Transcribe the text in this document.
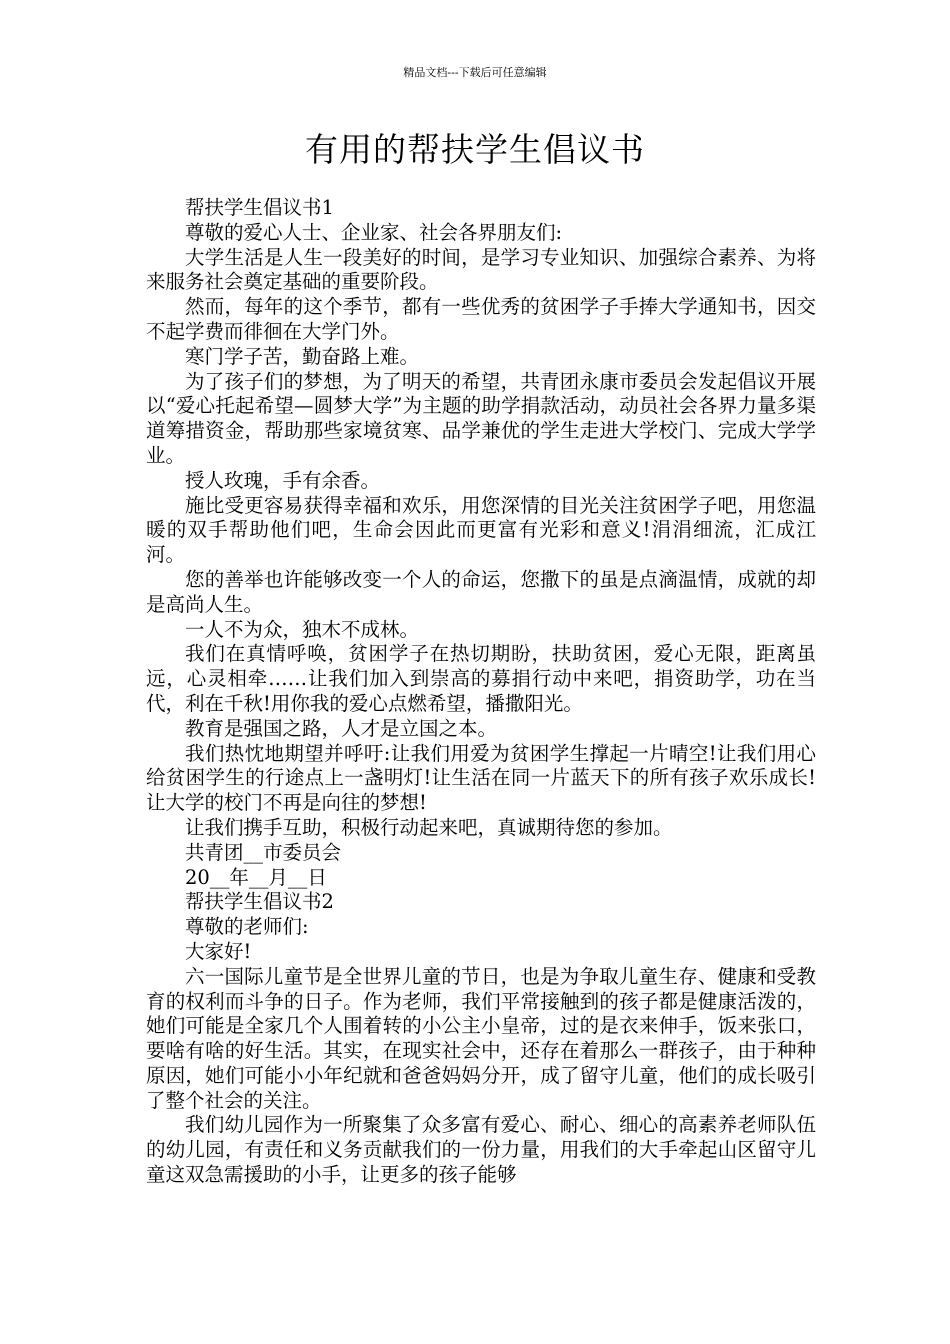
精品文档---下载后可任意编辑
有用的帮扶学生倡议书

帮扶学生倡议书1

尊敬的爱心人士、企业家、社会各界朋友们:

大学生活是人生一段美好的时间，是学习专业知识、加强综合素养、为将来服务社会奠定基础的重要阶段。

然而，每年的这个季节，都有一些优秀的贫困学子手捧大学通知书，因交不起学费而徘徊在大学门外。

寒门学子苦，勤奋路上难。

为了孩子们的梦想，为了明天的希望，共青团永康市委员会发起倡议开展以“爱心托起希望—圆梦大学”为主题的助学捐款活动，动员社会各界力量多渠道筹措资金，帮助那些家境贫寒、品学兼优的学生走进大学校门、完成大学学业。

授人玫瑰，手有余香。

施比受更容易获得幸福和欢乐，用您深情的目光关注贫困学子吧，用您温暖的双手帮助他们吧，生命会因此而更富有光彩和意义!涓涓细流，汇成江河。

您的善举也许能够改变一个人的命运，您撒下的虽是点滴温情，成就的却是高尚人生。

一人不为众，独木不成林。

我们在真情呼唤，贫困学子在热切期盼，扶助贫困，爱心无限，距离虽远，心灵相牵……让我们加入到崇高的募捐行动中来吧，捐资助学，功在当代，利在千秋!用你我的爱心点燃希望，播撒阳光。

教育是强国之路，人才是立国之本。

我们热忱地期望并呼吁:让我们用爱为贫困学生撑起一片晴空!让我们用心给贫困学生的行途点上一盏明灯!让生活在同一片蓝天下的所有孩子欢乐成长!让大学的校门不再是向往的梦想!

让我们携手互助，积极行动起来吧，真诚期待您的参加。

共青团__市委员会

20__年__月__日

帮扶学生倡议书2

尊敬的老师们:

大家好!

六一国际儿童节是全世界儿童的节日，也是为争取儿童生存、健康和受教育的权利而斗争的日子。作为老师，我们平常接触到的孩子都是健康活泼的，她们可能是全家几个人围着转的小公主小皇帝，过的是衣来伸手，饭来张口，要啥有啥的好生活。其实，在现实社会中，还存在着那么一群孩子，由于种种原因，她们可能小小年纪就和爸爸妈妈分开，成了留守儿童，他们的成长吸引了整个社会的关注。

我们幼儿园作为一所聚集了众多富有爱心、耐心、细心的高素养老师队伍的幼儿园，有责任和义务贡献我们的一份力量，用我们的大手牵起山区留守儿童这双急需援助的小手，让更多的孩子能够
